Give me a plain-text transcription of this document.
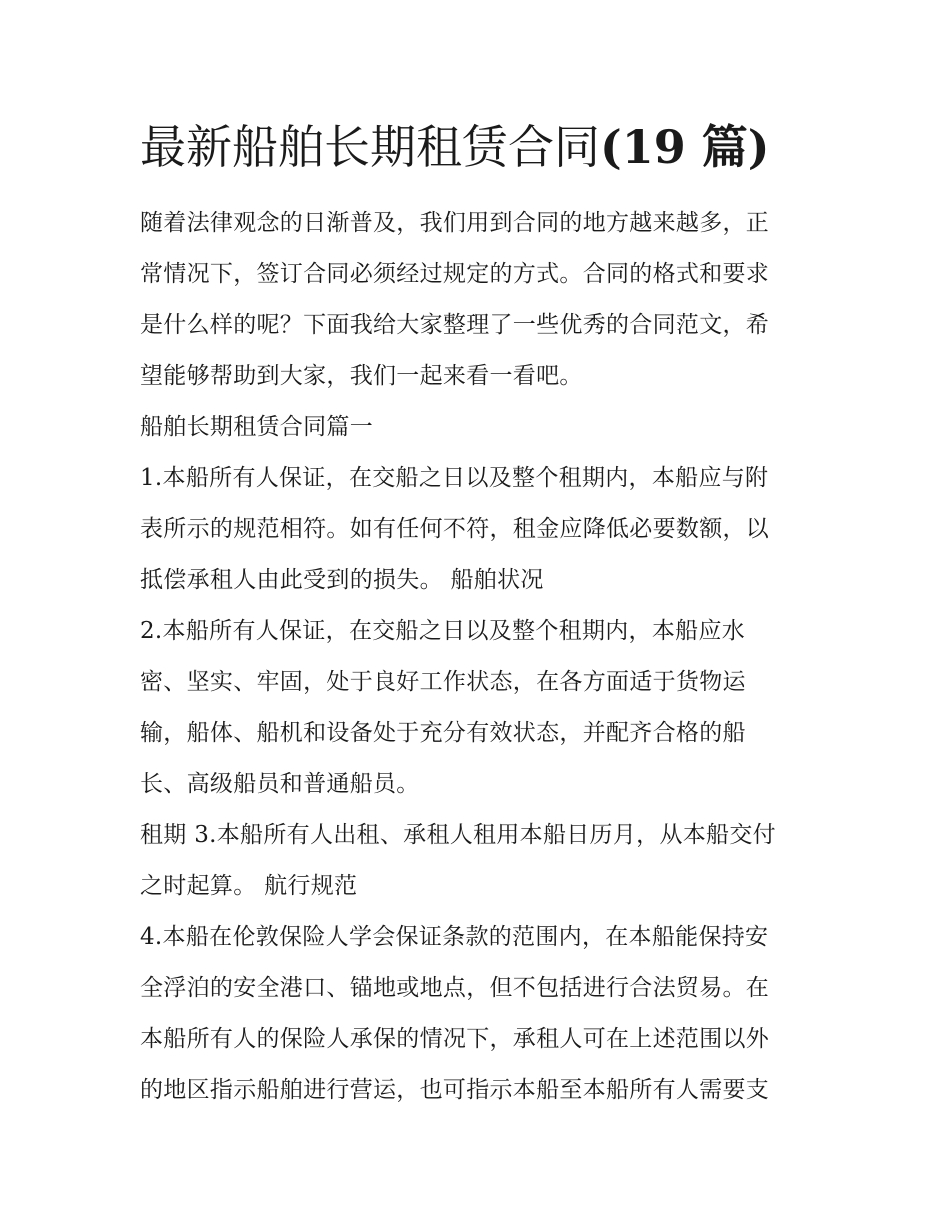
最新船舶长期租赁合同(19 篇)
随着法律观念的日渐普及，我们用到合同的地方越来越多，正
常情况下，签订合同必须经过规定的方式。合同的格式和要求
是什么样的呢？下面我给大家整理了一些优秀的合同范文，希
望能够帮助到大家，我们一起来看一看吧。
船舶长期租赁合同篇一
1.本船所有人保证，在交船之日以及整个租期内，本船应与附
表所示的规范相符。如有任何不符，租金应降低必要数额，以
抵偿承租人由此受到的损失。 船舶状况
2.本船所有人保证，在交船之日以及整个租期内，本船应水
密、坚实、牢固，处于良好工作状态，在各方面适于货物运
输，船体、船机和设备处于充分有效状态，并配齐合格的船
长、高级船员和普通船员。
租期 3.本船所有人出租、承租人租用本船日历月，从本船交付
之时起算。 航行规范
4.本船在伦敦保险人学会保证条款的范围内，在本船能保持安
全浮泊的安全港口、锚地或地点，但不包括进行合法贸易。在
本船所有人的保险人承保的情况下，承租人可在上述范围以外
的地区指示船舶进行营运，也可指示本船至本船所有人需要支
